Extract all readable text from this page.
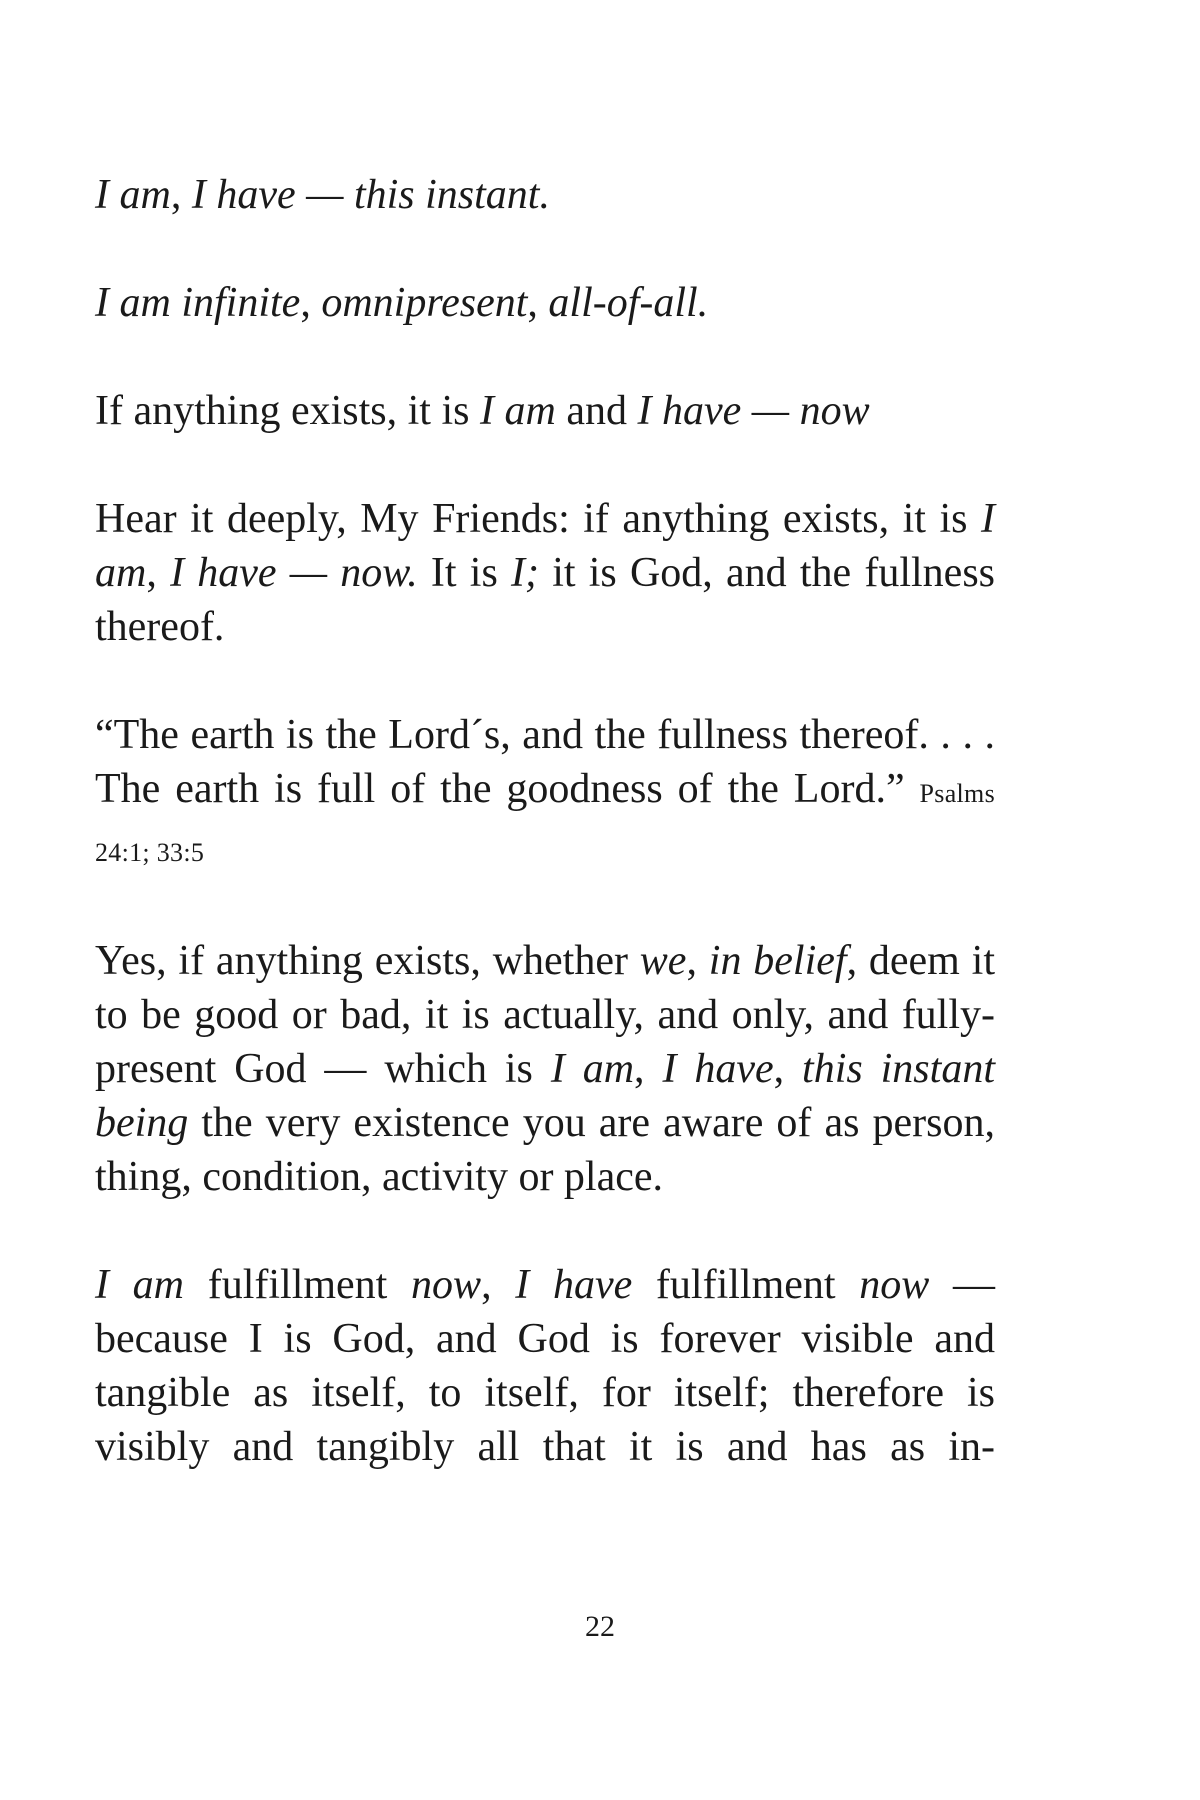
I am, I have — this instant.

I am infinite, omnipresent, all-of-all.

If anything exists, it is I am and I have — now

Hear it deeply, My Friends: if anything exists, it is I am, I have — now. It is I; it is God, and the fullness thereof.

“The earth is the Lord´s, and the fullness thereof. . . . The earth is full of the goodness of the Lord.” Psalms 24:1; 33:5

Yes, if anything exists, whether we, in belief, deem it to be good or bad, it is actually, and only, and fully-present God — which is I am, I have, this instant being the very existence you are aware of as person, thing, condition, activity or place.

I am fulfillment now, I have fulfillment now — because I is God, and God is forever visible and tangible as itself, to itself, for itself; therefore is visibly and tangibly all that it is and has as in-

22
